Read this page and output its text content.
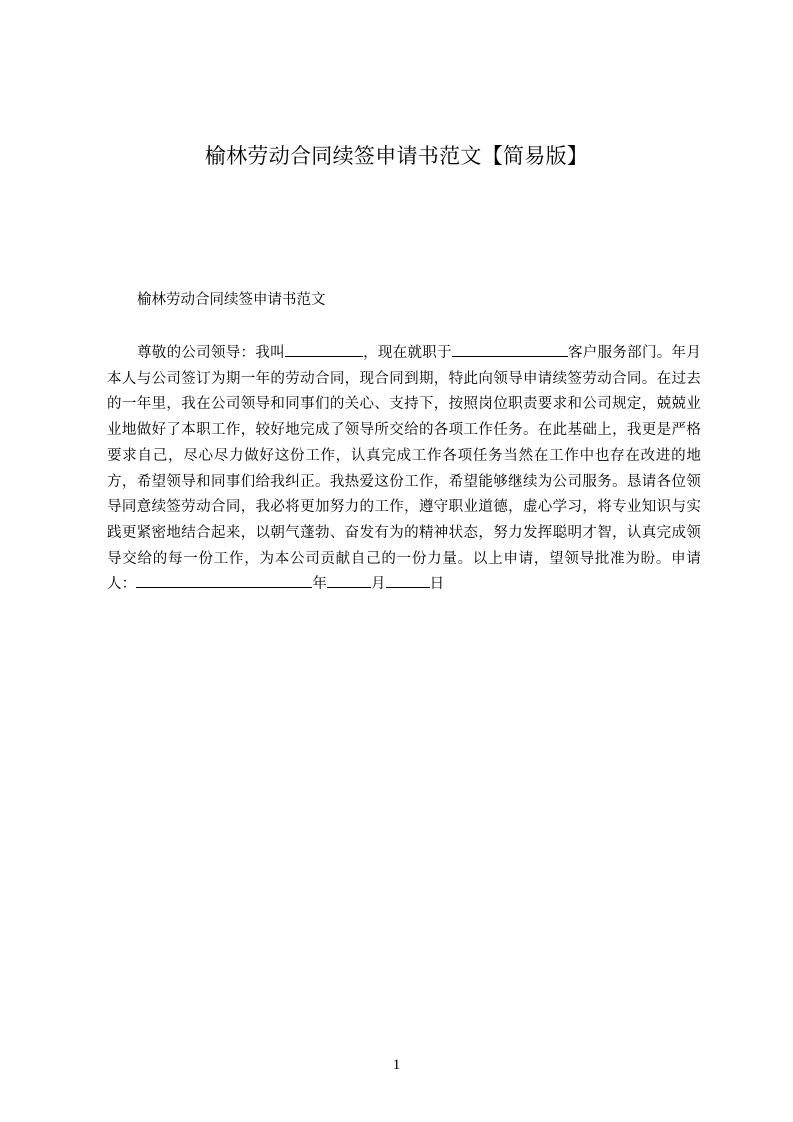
榆林劳动合同续签申请书范文【简易版】

榆林劳动合同续签申请书范文

尊敬的公司领导：我叫	，现在就职于	客户服务部门。年月本人与公司签订为期一年的劳动合同，现合同到期，特此向领导申请续签劳动合同。在过去的一年里，我在公司领导和同事们的关心、支持下，按照岗位职责要求和公司规定，兢兢业业地做好了本职工作，较好地完成了领导所交给的各项工作任务。在此基础上，我更是严格要求自己，尽心尽力做好这份工作，认真完成工作各项任务当然在工作中也存在改进的地方，希望领导和同事们给我纠正。我热爱这份工作，希望能够继续为公司服务。恳请各位领导同意续签劳动合同，我必将更加努力的工作，遵守职业道德，虚心学习，将专业知识与实践更紧密地结合起来，以朝气蓬勃、奋发有为的精神状态，努力发挥聪明才智，认真完成领导交给的每一份工作，为本公司贡献自己的一份力量。以上申请，望领导批准为盼。申请人：	年	月	日

1
